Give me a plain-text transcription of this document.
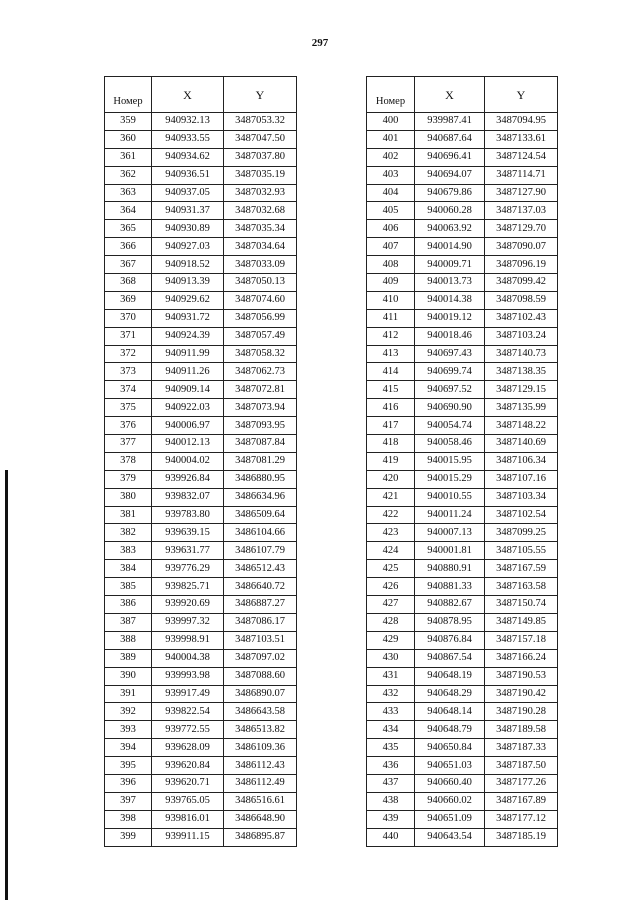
297
Номер	X	Y
359	940932.13	3487053.32
360	940933.55	3487047.50
361	940934.62	3487037.80
362	940936.51	3487035.19
363	940937.05	3487032.93
364	940931.37	3487032.68
365	940930.89	3487035.34
366	940927.03	3487034.64
367	940918.52	3487033.09
368	940913.39	3487050.13
369	940929.62	3487074.60
370	940931.72	3487056.99
371	940924.39	3487057.49
372	940911.99	3487058.32
373	940911.26	3487062.73
374	940909.14	3487072.81
375	940922.03	3487073.94
376	940006.97	3487093.95
377	940012.13	3487087.84
378	940004.02	3487081.29
379	939926.84	3486880.95
380	939832.07	3486634.96
381	939783.80	3486509.64
382	939639.15	3486104.66
383	939631.77	3486107.79
384	939776.29	3486512.43
385	939825.71	3486640.72
386	939920.69	3486887.27
387	939997.32	3487086.17
388	939998.91	3487103.51
389	940004.38	3487097.02
390	939993.98	3487088.60
391	939917.49	3486890.07
392	939822.54	3486643.58
393	939772.55	3486513.82
394	939628.09	3486109.36
395	939620.84	3486112.43
396	939620.71	3486112.49
397	939765.05	3486516.61
398	939816.01	3486648.90
399	939911.15	3486895.87
Номер	X	Y
400	939987.41	3487094.95
401	940687.64	3487133.61
402	940696.41	3487124.54
403	940694.07	3487114.71
404	940679.86	3487127.90
405	940060.28	3487137.03
406	940063.92	3487129.70
407	940014.90	3487090.07
408	940009.71	3487096.19
409	940013.73	3487099.42
410	940014.38	3487098.59
411	940019.12	3487102.43
412	940018.46	3487103.24
413	940697.43	3487140.73
414	940699.74	3487138.35
415	940697.52	3487129.15
416	940690.90	3487135.99
417	940054.74	3487148.22
418	940058.46	3487140.69
419	940015.95	3487106.34
420	940015.29	3487107.16
421	940010.55	3487103.34
422	940011.24	3487102.54
423	940007.13	3487099.25
424	940001.81	3487105.55
425	940880.91	3487167.59
426	940881.33	3487163.58
427	940882.67	3487150.74
428	940878.95	3487149.85
429	940876.84	3487157.18
430	940867.54	3487166.24
431	940648.19	3487190.53
432	940648.29	3487190.42
433	940648.14	3487190.28
434	940648.79	3487189.58
435	940650.84	3487187.33
436	940651.03	3487187.50
437	940660.40	3487177.26
438	940660.02	3487167.89
439	940651.09	3487177.12
440	940643.54	3487185.19
